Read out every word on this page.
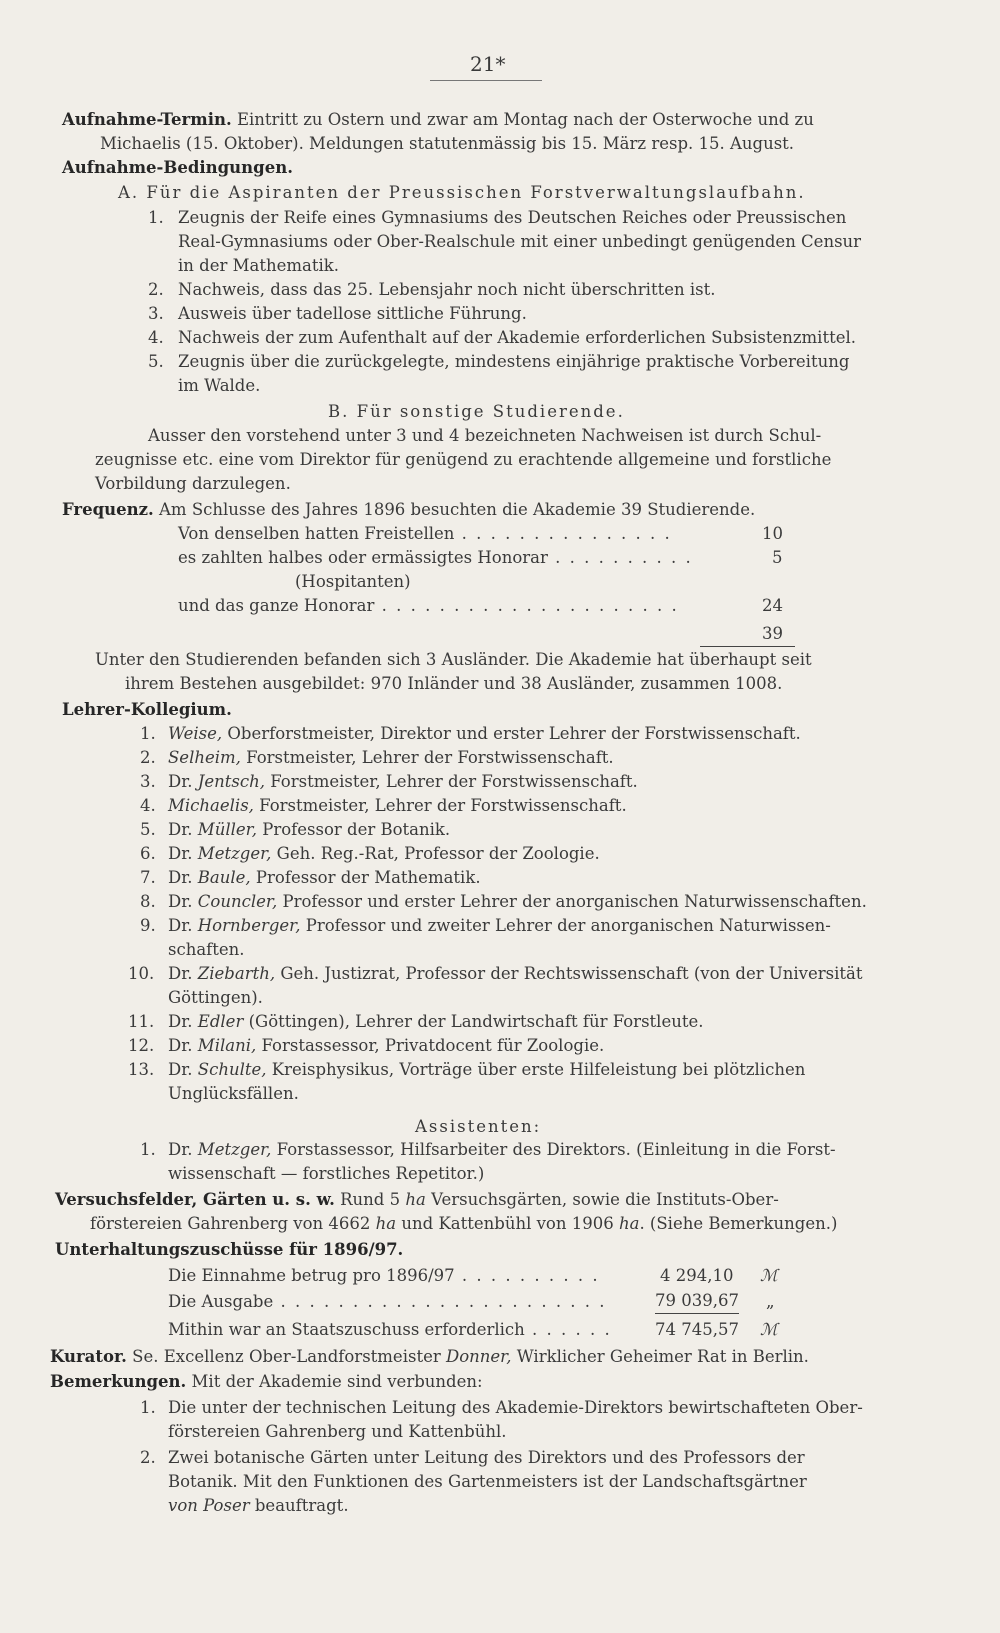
21*
Aufnahme-Termin. Eintritt zu Ostern und zwar am Montag nach der Osterwoche und zu
Michaelis (15. Oktober). Meldungen statutenmässig bis 15. März resp. 15. August.
Aufnahme-Bedingungen.
A. Für die Aspiranten der Preussischen Forstverwaltungslaufbahn.
1. Zeugnis der Reife eines Gymnasiums des Deutschen Reiches oder Preussischen
Real-Gymnasiums oder Ober-Realschule mit einer unbedingt genügenden Censur
in der Mathematik.
2. Nachweis, dass das 25. Lebensjahr noch nicht überschritten ist.
3. Ausweis über tadellose sittliche Führung.
4. Nachweis der zum Aufenthalt auf der Akademie erforderlichen Subsistenzmittel.
5. Zeugnis über die zurückgelegte, mindestens einjährige praktische Vorbereitung
im Walde.
B. Für sonstige Studierende.
Ausser den vorstehend unter 3 und 4 bezeichneten Nachweisen ist durch Schul-
zeugnisse etc. eine vom Direktor für genügend zu erachtende allgemeine und forstliche
Vorbildung darzulegen.
Frequenz. Am Schlusse des Jahres 1896 besuchten die Akademie 39 Studierende.
Von denselben hatten Freistellen . . . . . . . . . . . . . . .	10
es zahlten halbes oder ermässigtes Honorar . . . . . . . . . .	5
(Hospitanten)
und das ganze Honorar . . . . . . . . . . . . . . . . . . . . .	24
39
Unter den Studierenden befanden sich 3 Ausländer. Die Akademie hat überhaupt seit
ihrem Bestehen ausgebildet: 970 Inländer und 38 Ausländer, zusammen 1008.
Lehrer-Kollegium.
1. Weise, Oberforstmeister, Direktor und erster Lehrer der Forstwissenschaft.
2. Selheim, Forstmeister, Lehrer der Forstwissenschaft.
3. Dr. Jentsch, Forstmeister, Lehrer der Forstwissenschaft.
4. Michaelis, Forstmeister, Lehrer der Forstwissenschaft.
5. Dr. Müller, Professor der Botanik.
6. Dr. Metzger, Geh. Reg.-Rat, Professor der Zoologie.
7. Dr. Baule, Professor der Mathematik.
8. Dr. Councler, Professor und erster Lehrer der anorganischen Naturwissenschaften.
9. Dr. Hornberger, Professor und zweiter Lehrer der anorganischen Naturwissen-
schaften.
10. Dr. Ziebarth, Geh. Justizrat, Professor der Rechtswissenschaft (von der Universität
Göttingen).
11. Dr. Edler (Göttingen), Lehrer der Landwirtschaft für Forstleute.
12. Dr. Milani, Forstassessor, Privatdocent für Zoologie.
13. Dr. Schulte, Kreisphysikus, Vorträge über erste Hilfeleistung bei plötzlichen
Unglücksfällen.
Assistenten:
1. Dr. Metzger, Forstassessor, Hilfsarbeiter des Direktors. (Einleitung in die Forst-
wissenschaft — forstliches Repetitor.)
Versuchsfelder, Gärten u. s. w. Rund 5 ha Versuchsgärten, sowie die Instituts-Ober-
förstereien Gahrenberg von 4662 ha und Kattenbühl von 1906 ha. (Siehe Bemerkungen.)
Unterhaltungszuschüsse für 1896/97.
Die Einnahme betrug pro 1896/97 . . . . . . . . . .	4 294,10 ℳ
Die Ausgabe . . . . . . . . . . . . . . . . . . . . . . .	79 039,67 „
Mithin war an Staatszuschuss erforderlich . . . . . .	74 745,57 ℳ
Kurator. Se. Excellenz Ober-Landforstmeister Donner, Wirklicher Geheimer Rat in Berlin.
Bemerkungen. Mit der Akademie sind verbunden:
1. Die unter der technischen Leitung des Akademie-Direktors bewirtschafteten Ober-
förstereien Gahrenberg und Kattenbühl.
2. Zwei botanische Gärten unter Leitung des Direktors und des Professors der
Botanik. Mit den Funktionen des Gartenmeisters ist der Landschaftsgärtner
von Poser beauftragt.
